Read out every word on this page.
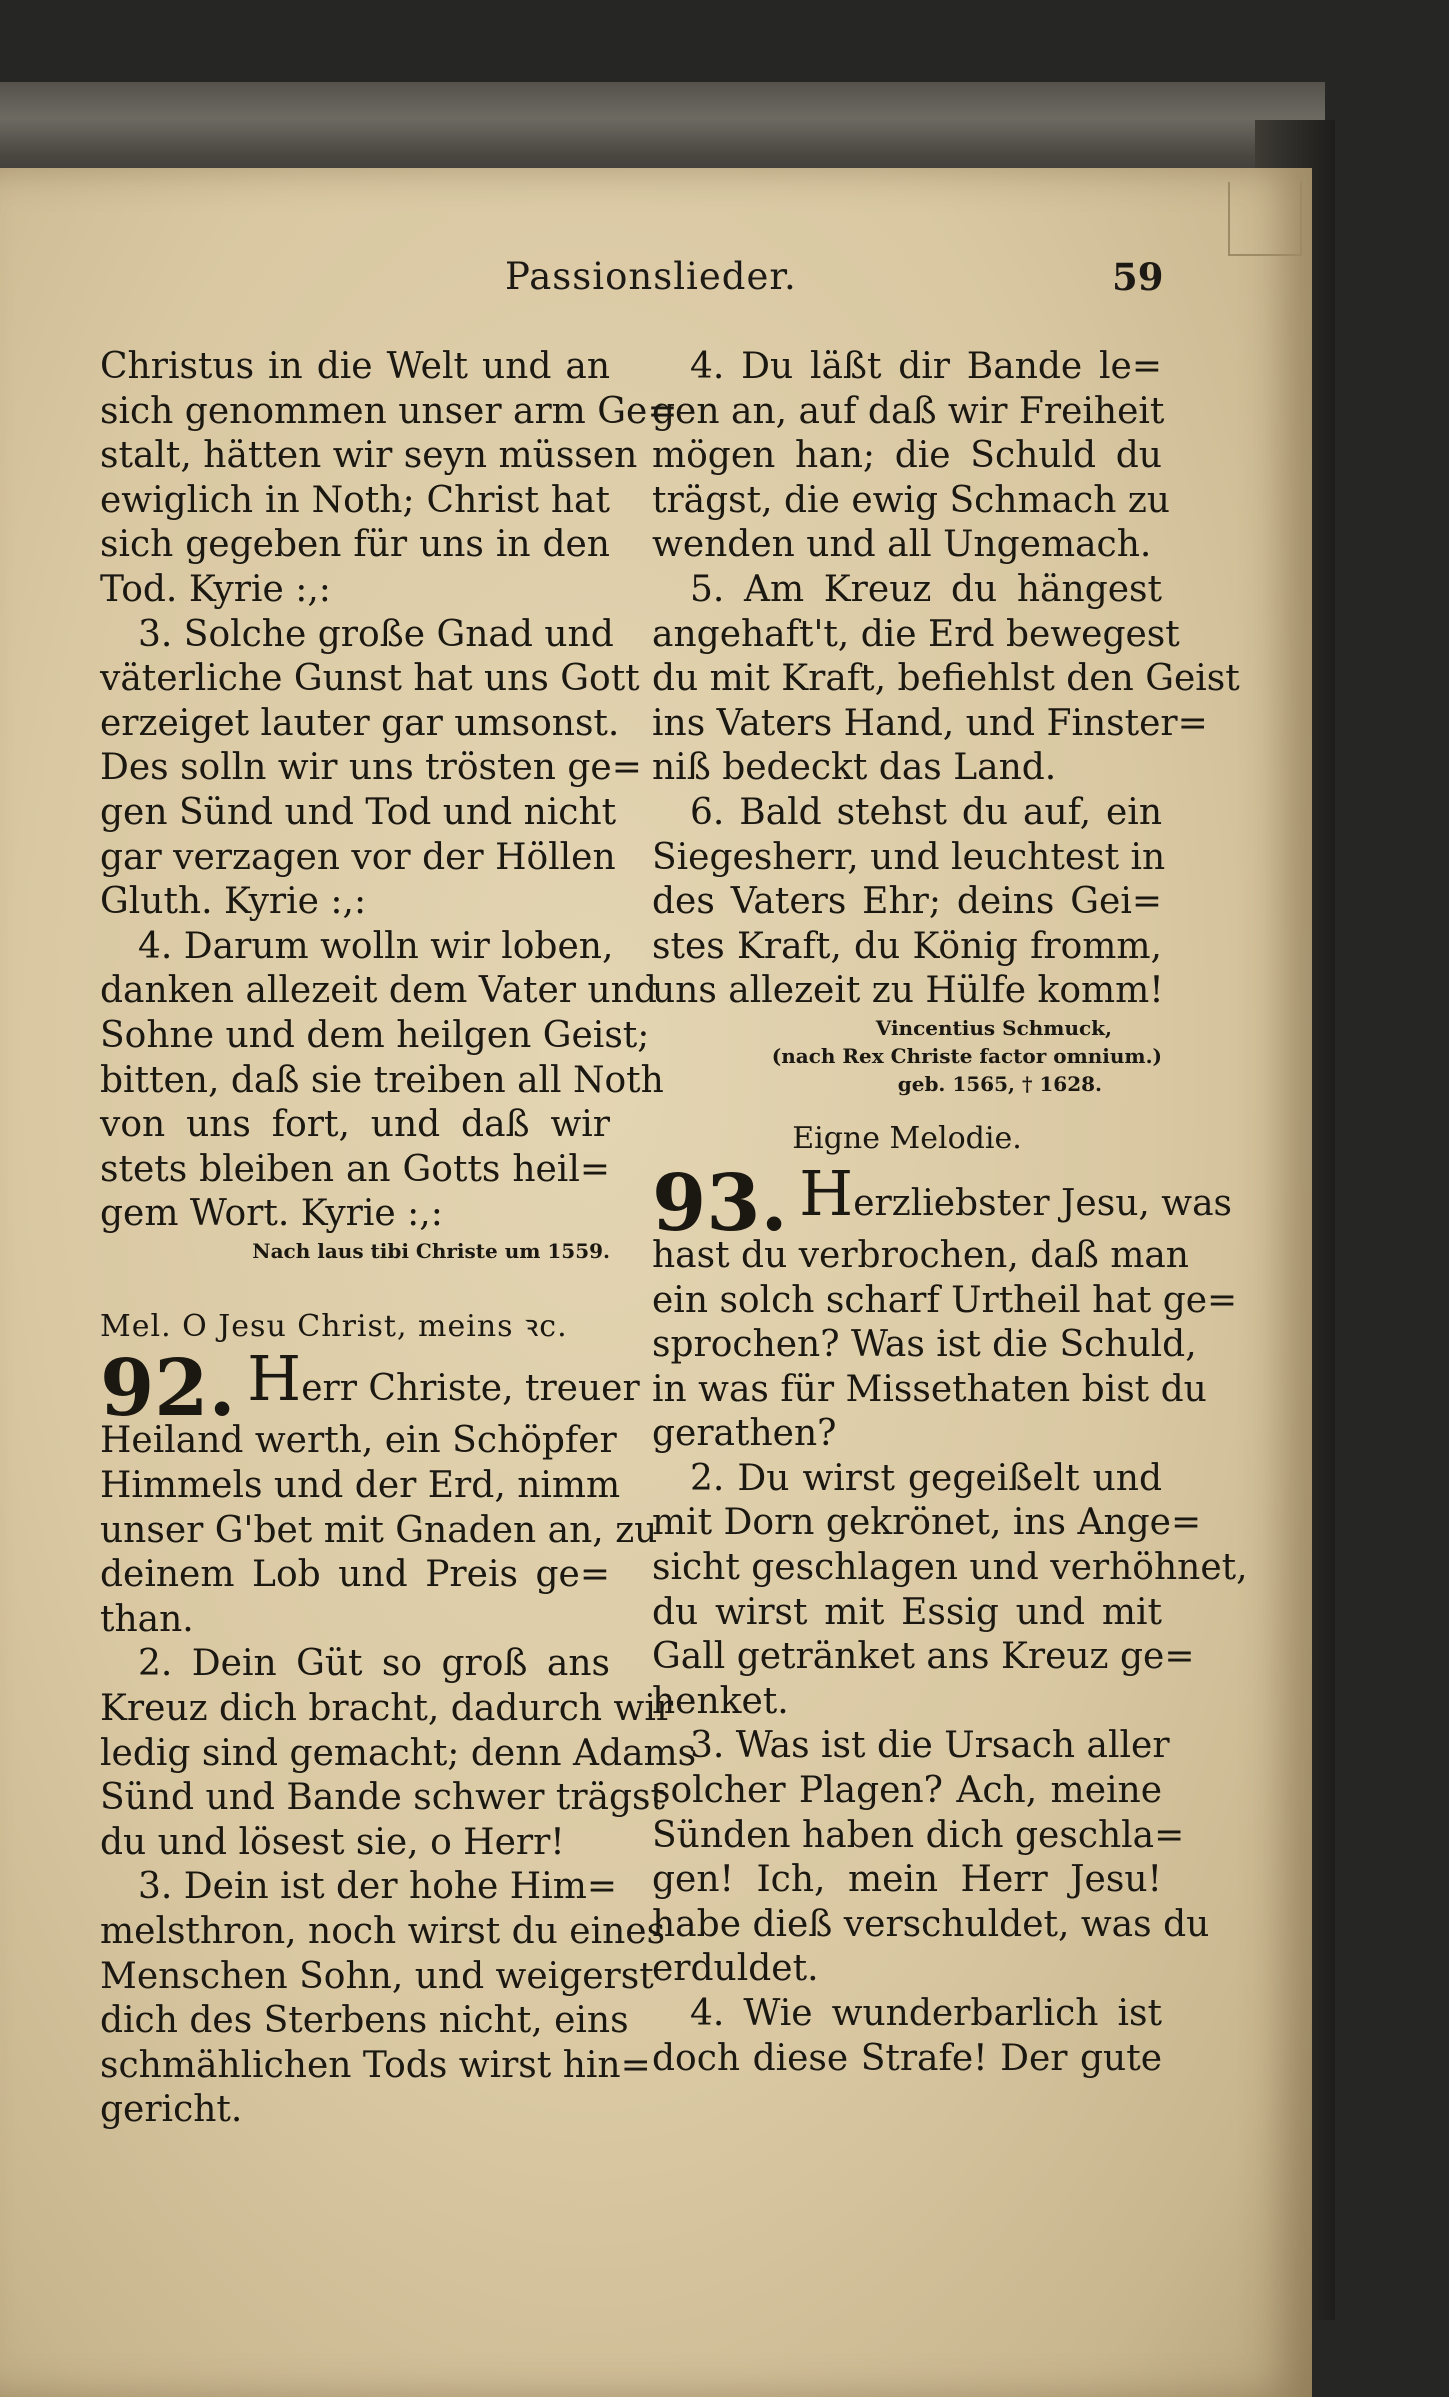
Passionslieder.	59
Christus in die Welt und an
sich genommen unser arm Ge=
stalt, hätten wir seyn müssen
ewiglich in Noth; Christ hat
sich gegeben für uns in den
Tod. Kyrie :,:
3. Solche große Gnad und
väterliche Gunst hat uns Gott
erzeiget lauter gar umsonst.
Des solln wir uns trösten ge=
gen Sünd und Tod und nicht
gar verzagen vor der Höllen
Gluth. Kyrie :,:
4. Darum wolln wir loben,
danken allezeit dem Vater und
Sohne und dem heilgen Geist;
bitten, daß sie treiben all Noth
von uns fort, und daß wir
stets bleiben an Gotts heil=
gem Wort. Kyrie :,:
Nach laus tibi Christe um 1559.
Mel. O Jesu Christ, meins ꝛc.
92. Herr Christe, treuer
Heiland werth, ein Schöpfer
Himmels und der Erd, nimm
unser G'bet mit Gnaden an, zu
deinem Lob und Preis ge=
than.
2. Dein Güt so groß ans
Kreuz dich bracht, dadurch wir
ledig sind gemacht; denn Adams
Sünd und Bande schwer trägst
du und lösest sie, o Herr!
3. Dein ist der hohe Him=
melsthron, noch wirst du eines
Menschen Sohn, und weigerst
dich des Sterbens nicht, eins
schmählichen Tods wirst hin=
gericht.
4. Du läßt dir Bande le=
gen an, auf daß wir Freiheit
mögen han; die Schuld du
trägst, die ewig Schmach zu
wenden und all Ungemach.
5. Am Kreuz du hängest
angehaft't, die Erd bewegest
du mit Kraft, befiehlst den Geist
ins Vaters Hand, und Finster=
niß bedeckt das Land.
6. Bald stehst du auf, ein
Siegesherr, und leuchtest in
des Vaters Ehr; deins Gei=
stes Kraft, du König fromm,
uns allezeit zu Hülfe komm!
Vincentius Schmuck,
(nach Rex Christe factor omnium.)
geb. 1565, † 1628.
Eigne Melodie.
93. Herzliebster Jesu, was
hast du verbrochen, daß man
ein solch scharf Urtheil hat ge=
sprochen? Was ist die Schuld,
in was für Missethaten bist du
gerathen?
2. Du wirst gegeißelt und
mit Dorn gekrönet, ins Ange=
sicht geschlagen und verhöhnet,
du wirst mit Essig und mit
Gall getränket ans Kreuz ge=
henket.
3. Was ist die Ursach aller
solcher Plagen? Ach, meine
Sünden haben dich geschla=
gen! Ich, mein Herr Jesu!
habe dieß verschuldet, was du
erduldet.
4. Wie wunderbarlich ist
doch diese Strafe! Der gute
